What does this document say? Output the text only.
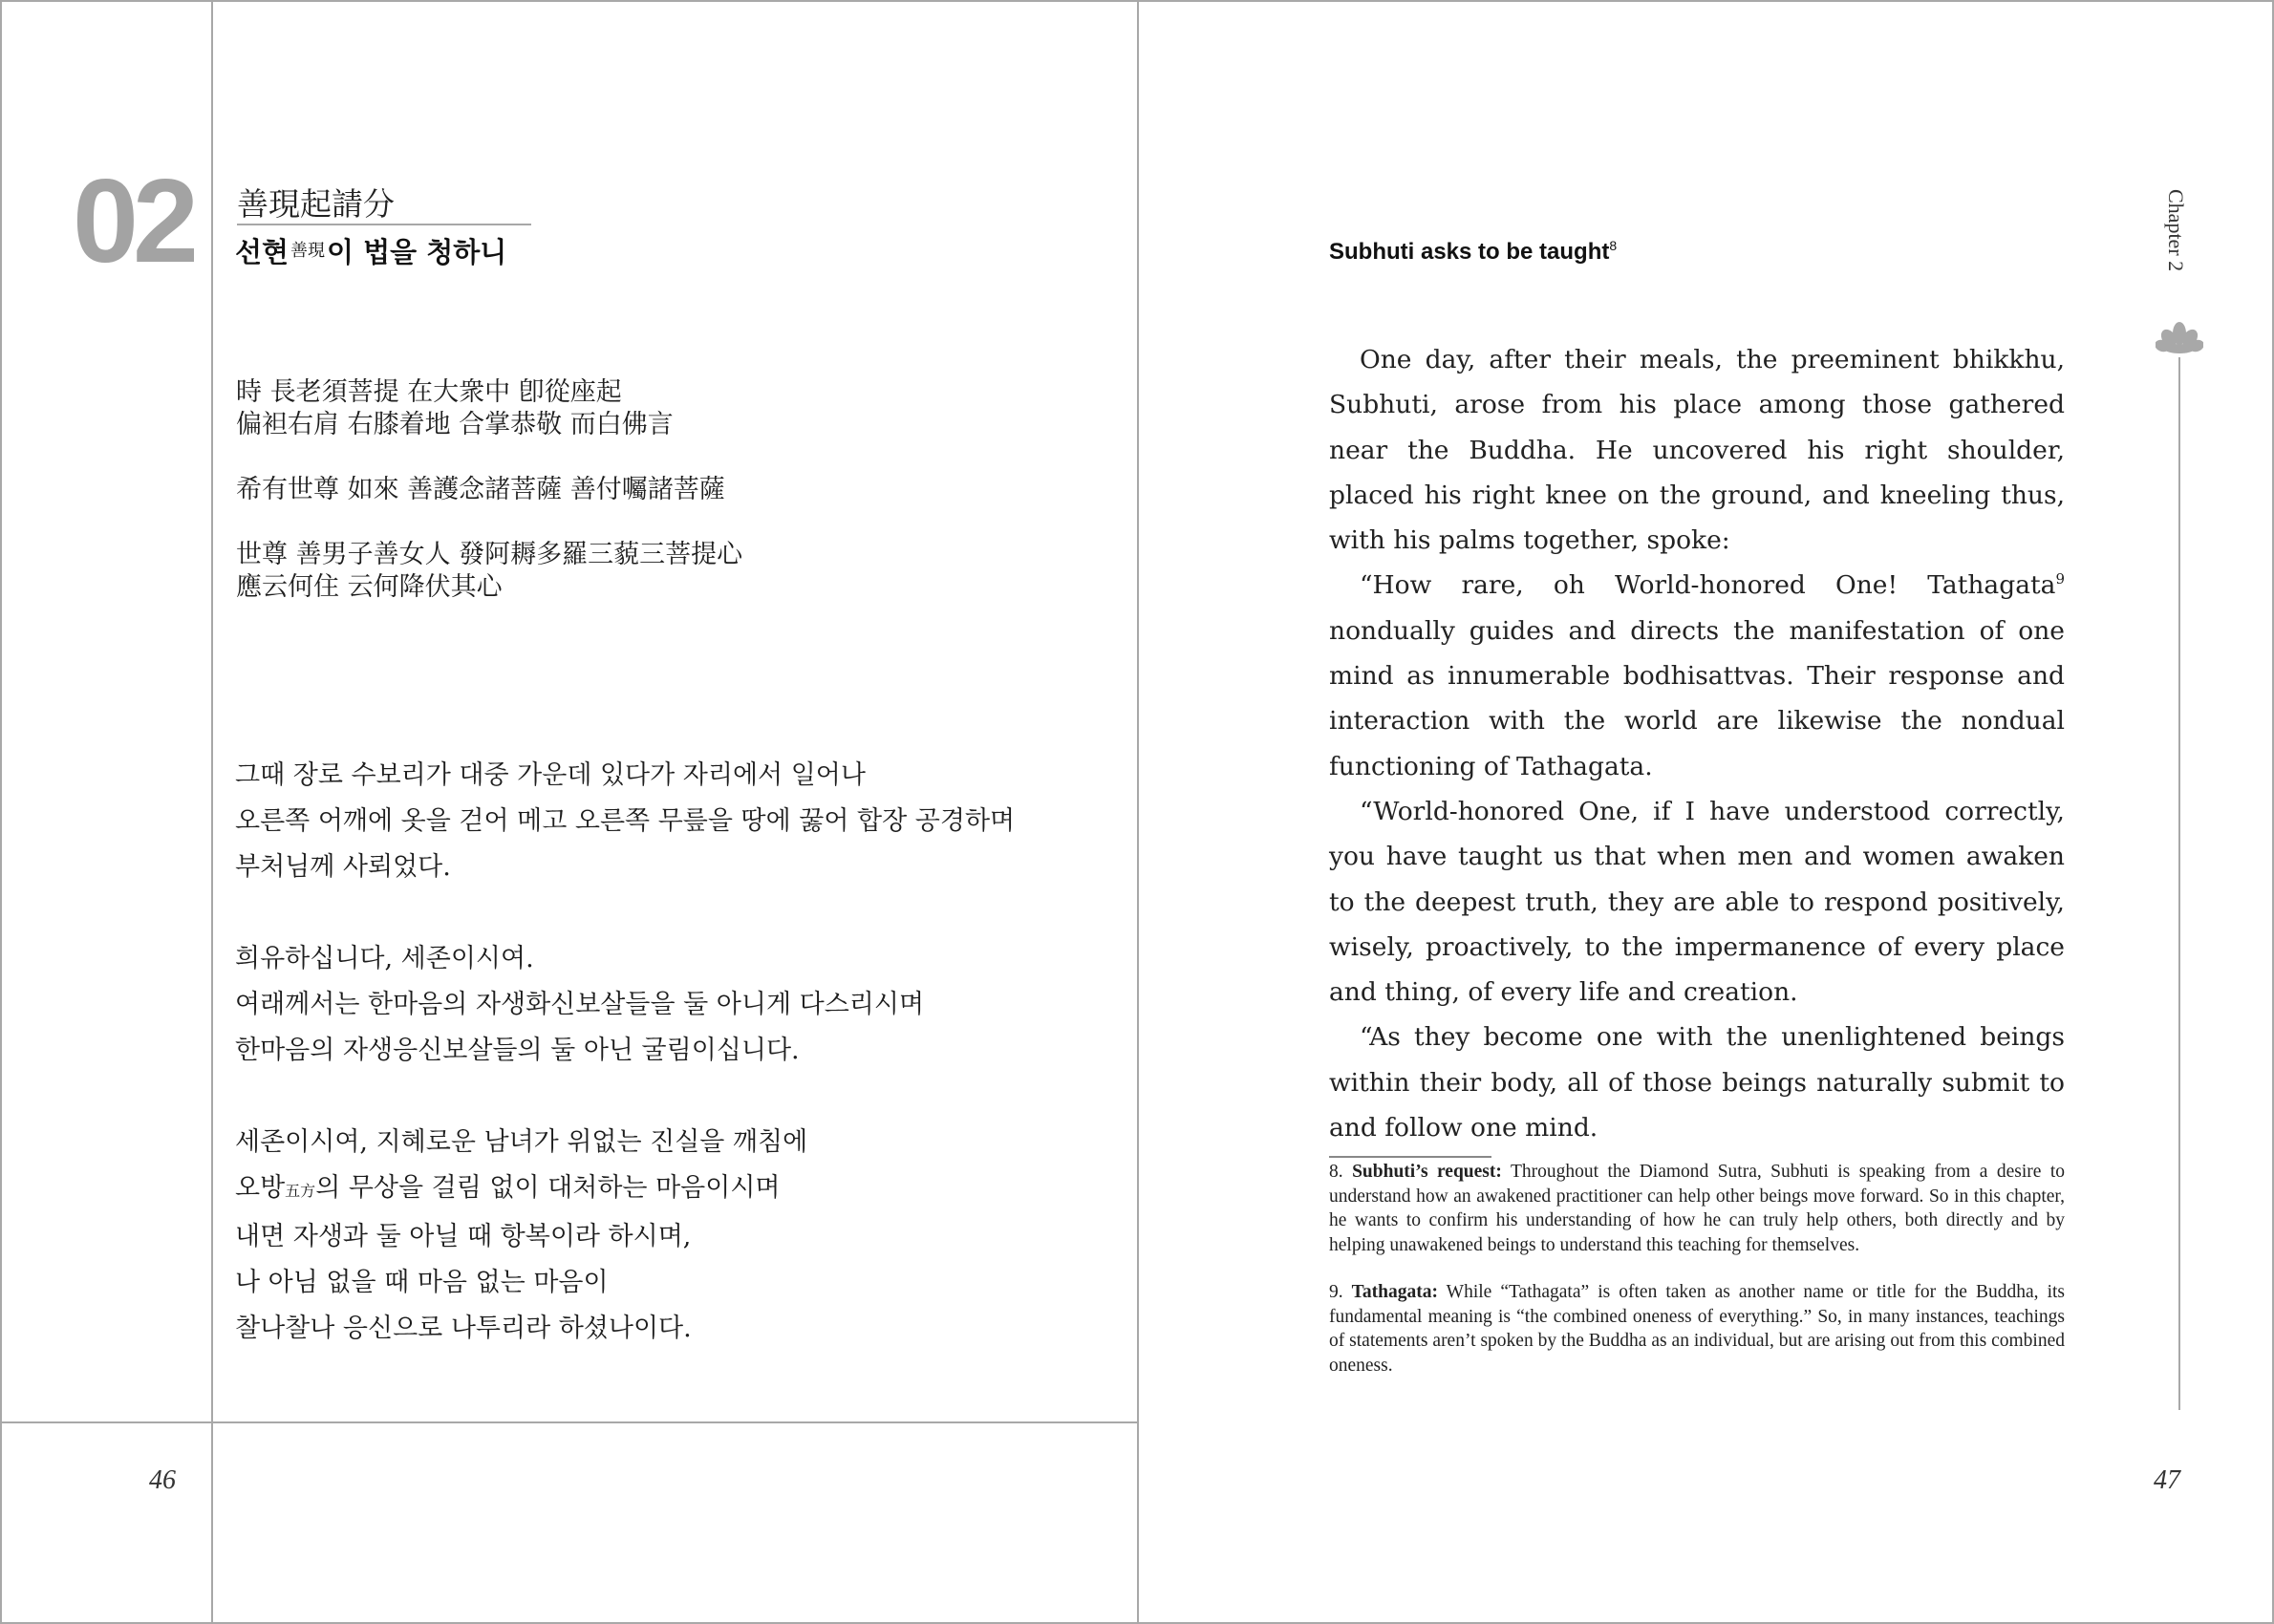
02 善現起請分
선현 $^{善現}$이 법을 청하니
時 長老須菩提 在大衆中 卽從座起
偏袒右肩 右膝着地 合掌恭敬 而白佛言
希有世尊 如來 善護念諸菩薩 善付囑諸菩薩
世尊 善男子善女人 發阿耨多羅三藐三菩提心
應云何住 云何降伏其心
그때 장로 수보리가 대중 가운데 있다가 자리에서 일어나
오른쪽 어깨에 옷을 걷어 메고 오른쪽 무릎을 땅에 꿇어 합장 공경하며
부처님께 사뢰었다.
희유하십니다, 세존이시여.
여래께서는 한마음의 자생화신보살들을 둘 아니게 다스리시며
한마음의 자생응신보살들의 둘 아닌 굴림이십니다.
세존이시여, 지혜로운 남녀가 위없는 진실을 깨침에
오방五方의 무상을 걸림 없이 대처하는 마음이시며
내면 자생과 둘 아닐 때 항복이라 하시며,
나 아님 없을 때 마음 없는 마음이
찰나찰나 응신으로 나투리라 하셨나이다.
46
Subhuti asks to be taught$^8$

One day, after their meals, the preeminent bhikkhu, Subhuti, arose from his place among those gathered near the Buddha. He uncovered his right shoulder, placed his right knee on the ground, and kneeling thus, with his palms together, spoke:

“How rare, oh World-honored One! Tathagata$^9$ nondually guides and directs the manifestation of one mind as innumerable bodhisattvas. Their response and interaction with the world are likewise the nondual functioning of Tathagata.

“World-honored One, if I have understood correctly, you have taught us that when men and women awaken to the deepest truth, they are able to respond positively, wisely, proactively, to the impermanence of every place and thing, of every life and creation.

“As they become one with the unenlightened beings within their body, all of those beings naturally submit to and follow one mind.

8. Subhuti’s request: Throughout the Diamond Sutra, Subhuti is speaking from a desire to understand how an awakened practitioner can help other beings move forward. So in this chapter, he wants to confirm his understanding of how he can truly help others, both directly and by helping unawakened beings to understand this teaching for themselves.

9. Tathagata: While “Tathagata” is often taken as another name or title for the Buddha, its fundamental meaning is “the combined oneness of everything.” So, in many instances, teachings of statements aren’t spoken by the Buddha as an individual, but are arising out from this combined oneness.

Chapter 2
47
